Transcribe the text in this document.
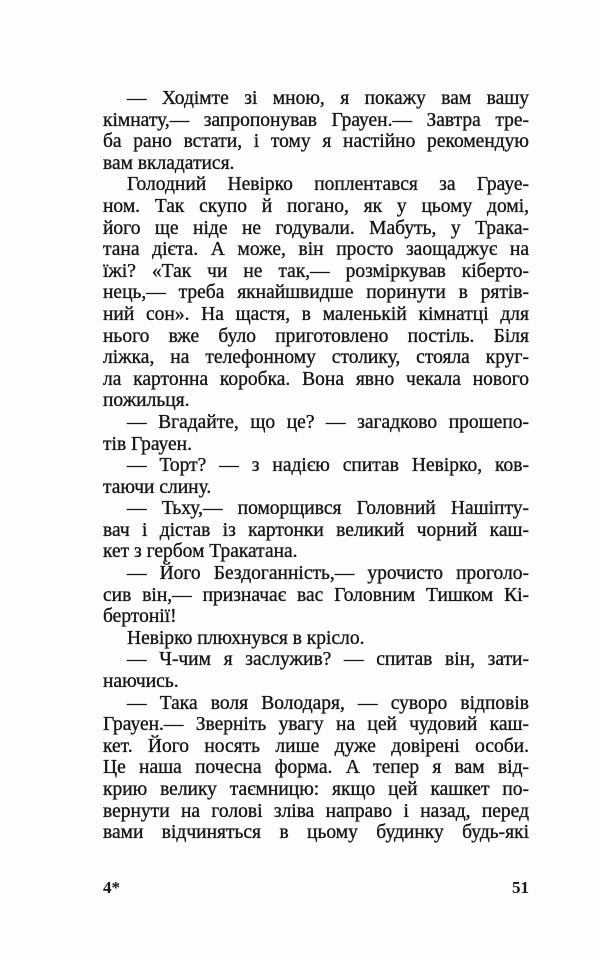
— Ходімте зі мною, я покажу вам вашу
кімнату,— запропонував Грауен.— Завтра тре-
ба рано встати, і тому я настійно рекомендую
вам вкладатися.
Голодний Невірко поплентався за Грауе-
ном. Так скупо й погано, як у цьому домі,
його ще ніде не годували. Мабуть, у Трака-
тана дієта. А може, він просто заощаджує на
їжі? «Так чи не так,— розміркував кіберто-
нець,— треба якнайшвидше поринути в рятів-
ний сон». На щастя, в маленькій кімнатці для
нього вже було приготовлено постіль. Біля
ліжка, на телефонному столику, стояла круг-
ла картонна коробка. Вона явно чекала нового
пожильця.
— Вгадайте, що це? — загадково прошепо-
тів Грауен.
— Торт? — з надією спитав Невірко, ков-
таючи слину.
— Тьху,— поморщився Головний Нашіпту-
вач і дістав із картонки великий чорний каш-
кет з гербом Тракатана.
— Його Бездоганність,— урочисто проголо-
сив він,— призначає вас Головним Тишком Кі-
бертонії!
Невірко плюхнувся в крісло.
— Ч-чим я заслужив? — спитав він, зати-
наючись.
— Така воля Володаря, — суворо відповів
Грауен.— Зверніть увагу на цей чудовий каш-
кет. Його носять лише дуже довірені особи.
Це наша почесна форма. А тепер я вам від-
крию велику таємницю: якщо цей кашкет по-
вернути на голові зліва направо і назад, перед
вами відчиняться в цьому будинку будь-які
4*	51
